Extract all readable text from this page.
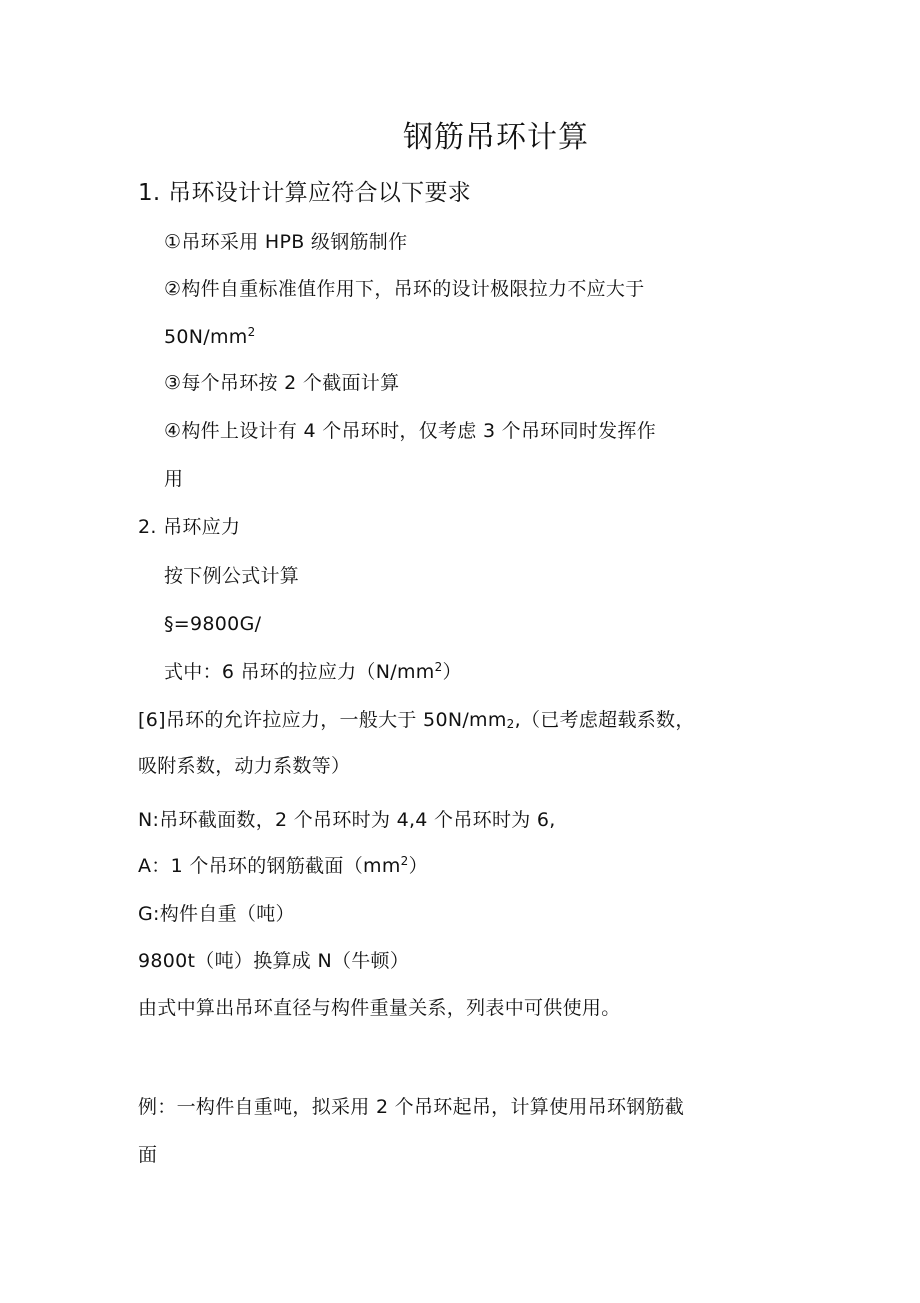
钢筋吊环计算
1. 吊环设计计算应符合以下要求
①吊环采用 HPB 级钢筋制作
②构件自重标准值作用下，吊环的设计极限拉力不应大于
$50N/mm^2$
③每个吊环按 2 个截面计算
④构件上设计有 4 个吊环时，仅考虑 3 个吊环同时发挥作
用
2. 吊环应力
按下例公式计算
§=9800G/
式中：6 吊环的拉应力$(N/mm^2)$
[6]吊环的允许拉应力，一般大于 $50N/mm_2$,（已考虑超载系数，
吸附系数，动力系数等）
N:吊环截面数，2 个吊环时为 4,4 个吊环时为 6,
A：1 个吊环的钢筋截面$(mm^2)$
G:构件自重（吨）
9800t（吨）换算成 N（牛顿）
由式中算出吊环直径与构件重量关系，列表中可供使用。
例：一构件自重吨，拟采用 2 个吊环起吊，计算使用吊环钢筋截
面
